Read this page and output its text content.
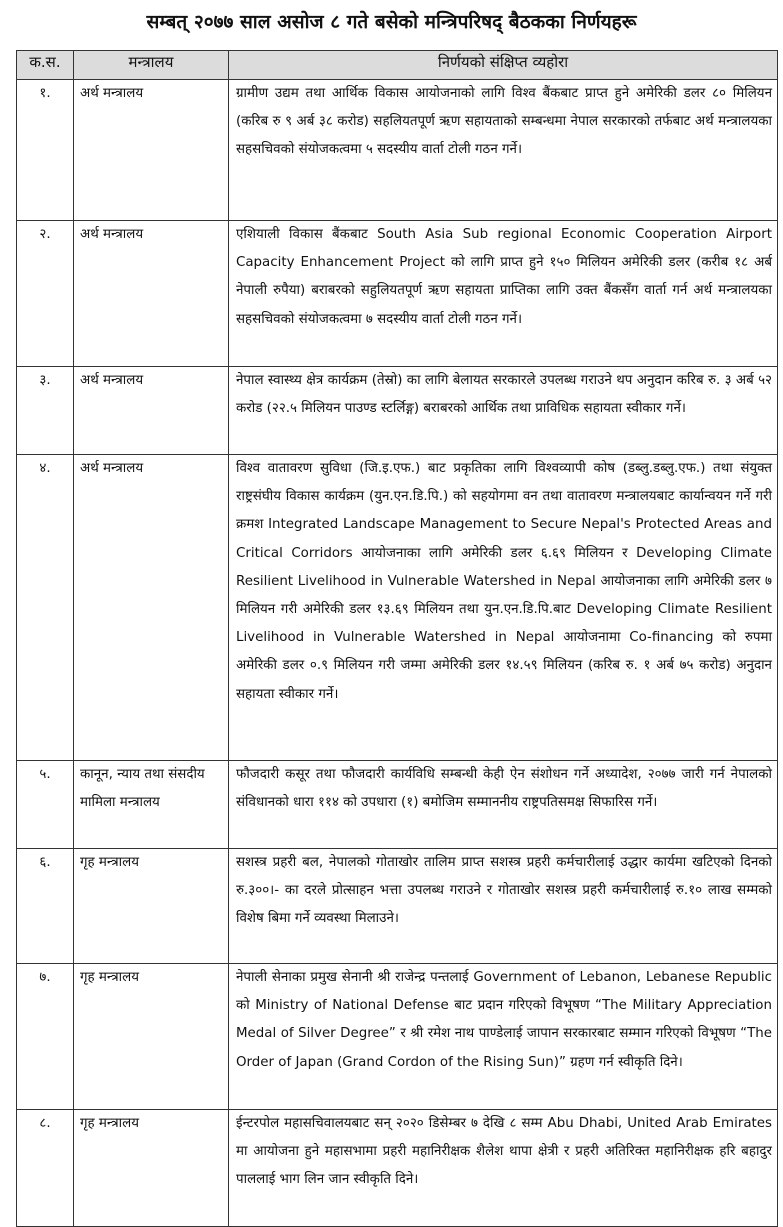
सम्बत् २०७७ साल असोज ८ गते बसेको मन्त्रिपरिषद् बैठकका निर्णयहरू
क.स.	मन्त्रालय	निर्णयको संक्षिप्त व्यहोरा
१.	अर्थ मन्त्रालय	ग्रामीण उद्यम तथा आर्थिक विकास आयोजनाको लागि विश्व बैंकबाट प्राप्त हुने अमेरिकी डलर ८० मिलियन (करिब रु ९ अर्ब ३८ करोड) सहलियतपूर्ण ऋण सहायताको सम्बन्धमा नेपाल सरकारको तर्फबाट अर्थ मन्त्रालयका सहसचिवको संयोजकत्वमा ५ सदस्यीय वार्ता टोली गठन गर्ने।
२.	अर्थ मन्त्रालय	एशियाली विकास बैंकबाट South Asia Sub regional Economic Cooperation Airport Capacity Enhancement Project को लागि प्राप्त हुने १५० मिलियन अमेरिकी डलर (करीब १८ अर्ब नेपाली रुपैया) बराबरको सहुलियतपूर्ण ऋण सहायता प्राप्तिका लागि उक्त बैंकसँग वार्ता गर्न अर्थ मन्त्रालयका सहसचिवको संयोजकत्वमा ७ सदस्यीय वार्ता टोली गठन गर्ने।
३.	अर्थ मन्त्रालय	नेपाल स्वास्थ्य क्षेत्र कार्यक्रम (तेस्रो) का लागि बेलायत सरकारले उपलब्ध गराउने थप अनुदान करिब रु. ३ अर्ब ५२ करोड (२२.५ मिलियन पाउण्ड स्टर्लिङ्ग) बराबरको आर्थिक तथा प्राविधिक सहायता स्वीकार गर्ने।
४.	अर्थ मन्त्रालय	विश्व वातावरण सुविधा (जि.इ.एफ.) बाट प्रकृतिका लागि विश्वव्यापी कोष (डब्लु.डब्लु.एफ.) तथा संयुक्त राष्ट्रसंघीय विकास कार्यक्रम (युन.एन.डि.पि.) को सहयोगमा वन तथा वातावरण मन्त्रालयबाट कार्यान्वयन गर्ने गरी क्रमश Integrated Landscape Management to Secure Nepal's Protected Areas and Critical Corridors आयोजनाका लागि अमेरिकी डलर ६.६९ मिलियन र Developing Climate Resilient Livelihood in Vulnerable Watershed in Nepal आयोजनाका लागि अमेरिकी डलर ७ मिलियन गरी अमेरिकी डलर १३.६९ मिलियन तथा युन.एन.डि.पि.बाट Developing Climate Resilient Livelihood in Vulnerable Watershed in Nepal आयोजनामा Co-financing को रुपमा अमेरिकी डलर ०.९ मिलियन गरी जम्मा अमेरिकी डलर १४.५९ मिलियन (करिब रु. १ अर्ब ७५ करोड) अनुदान सहायता स्वीकार गर्ने।
५.	कानून, न्याय तथा संसदीय मामिला मन्त्रालय	फौजदारी कसूर तथा फौजदारी कार्यविधि सम्बन्धी केही ऐन संशोधन गर्ने अध्यादेश, २०७७ जारी गर्न नेपालको संविधानको धारा ११४ को उपधारा (१) बमोजिम सम्माननीय राष्ट्रपतिसमक्ष सिफारिस गर्ने।
६.	गृह मन्त्रालय	सशस्त्र प्रहरी बल, नेपालको गोताखोर तालिम प्राप्त सशस्त्र प्रहरी कर्मचारीलाई उद्धार कार्यमा खटिएको दिनको रु.३००।- का दरले प्रोत्साहन भत्ता उपलब्ध गराउने र गोताखोर सशस्त्र प्रहरी कर्मचारीलाई रु.१० लाख सम्मको विशेष बिमा गर्ने व्यवस्था मिलाउने।
७.	गृह मन्त्रालय	नेपाली सेनाका प्रमुख सेनानी श्री राजेन्द्र पन्तलाई Government of Lebanon, Lebanese Republic को Ministry of National Defense बाट प्रदान गरिएको विभूषण “The Military Appreciation Medal of Silver Degree” र श्री रमेश नाथ पाण्डेलाई जापान सरकारबाट सम्मान गरिएको विभूषण “The Order of Japan (Grand Cordon of the Rising Sun)” ग्रहण गर्न स्वीकृति दिने।
८.	गृह मन्त्रालय	ईन्टरपोल महासचिवालयबाट सन् २०२० डिसेम्बर ७ देखि ८ सम्म Abu Dhabi, United Arab Emirates मा आयोजना हुने महासभामा प्रहरी महानिरीक्षक शैलेश थापा क्षेत्री र प्रहरी अतिरिक्त महानिरीक्षक हरि बहादुर पाललाई भाग लिन जान स्वीकृति दिने।
